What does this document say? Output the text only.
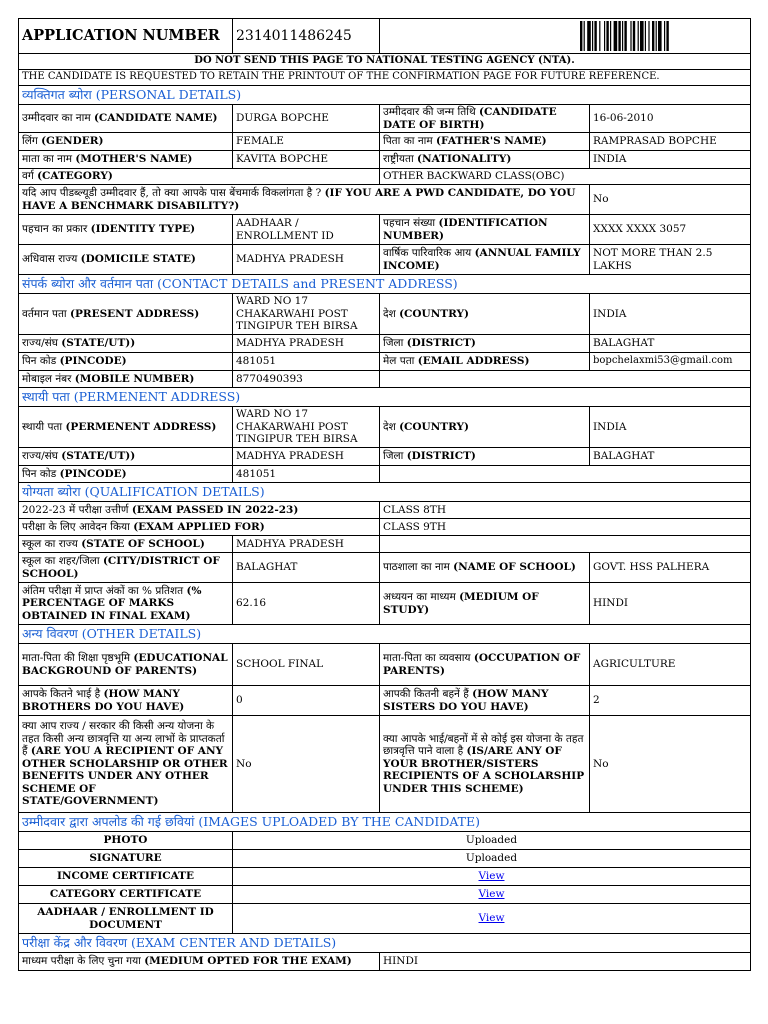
APPLICATION NUMBER	2314011486245	

DO NOT SEND THIS PAGE TO NATIONAL TESTING AGENCY (NTA).			
THE CANDIDATE IS REQUESTED TO RETAIN THE PRINTOUT OF THE CONFIRMATION PAGE FOR FUTURE REFERENCE.			
व्यक्तिगत ब्योरा (PERSONAL DETAILS)			
उम्मीदवार का नाम (CANDIDATE NAME)	DURGA BOPCHE	उम्मीदवार की जन्म तिथि (CANDIDATE DATE OF BIRTH)	16-06-2010
लिंग (GENDER)	FEMALE	पिता का नाम (FATHER'S NAME)	RAMPRASAD BOPCHE
माता का नाम (MOTHER'S NAME)	KAVITA BOPCHE	राष्ट्रीयता (NATIONALITY)	INDIA
वर्ग (CATEGORY)		OTHER BACKWARD CLASS(OBC)	
यदि आप पीडब्ल्यूडी उम्मीदवार हैं, तो क्या आपके पास बेंचमार्क विकलांगता है ? (IF YOU ARE A PWD CANDIDATE, DO YOU HAVE A BENCHMARK DISABILITY?)			No
पहचान का प्रकार (IDENTITY TYPE)	AADHAAR / ENROLLMENT ID	पहचान संख्या (IDENTIFICATION NUMBER)	XXXX XXXX 3057
अधिवास राज्य (DOMICILE STATE)	MADHYA PRADESH	वार्षिक पारिवारिक आय (ANNUAL FAMILY INCOME)	NOT MORE THAN 2.5 LAKHS
संपर्क ब्योरा और वर्तमान पता (CONTACT DETAILS and PRESENT ADDRESS)			
वर्तमान पता (PRESENT ADDRESS)	WARD NO 17
CHAKARWAHI POST
TINGIPUR TEH BIRSA	देश (COUNTRY)	INDIA
राज्य/संघ (STATE/UT))	MADHYA PRADESH	जिला (DISTRICT)	BALAGHAT
पिन कोड (PINCODE)	481051	मेल पता (EMAIL ADDRESS)	bopchelaxmi53@gmail.com
मोबाइल नंबर (MOBILE NUMBER)	8770490393		
स्थायी पता (PERMENENT ADDRESS)			
स्थायी पता (PERMENENT ADDRESS)	WARD NO 17
CHAKARWAHI POST
TINGIPUR TEH BIRSA	देश (COUNTRY)	INDIA
राज्य/संघ (STATE/UT))	MADHYA PRADESH	जिला (DISTRICT)	BALAGHAT
पिन कोड (PINCODE)	481051		
योग्यता ब्योरा (QUALIFICATION DETAILS)			
2022-23 में परीक्षा उत्तीर्ण (EXAM PASSED IN 2022-23)		CLASS 8TH	
परीक्षा के लिए आवेदन किया (EXAM APPLIED FOR)		CLASS 9TH	
स्कूल का राज्य (STATE OF SCHOOL)	MADHYA PRADESH		
स्कूल का शहर/जिला (CITY/DISTRICT OF SCHOOL)	BALAGHAT	पाठशाला का नाम (NAME OF SCHOOL)	GOVT. HSS PALHERA
अंतिम परीक्षा में प्राप्त अंकों का % प्रतिशत (% PERCENTAGE OF MARKS OBTAINED IN FINAL EXAM)	62.16	अध्ययन का माध्यम (MEDIUM OF STUDY)	HINDI
अन्य विवरण (OTHER DETAILS)			
माता-पिता की शिक्षा पृष्ठभूमि (EDUCATIONAL BACKGROUND OF PARENTS)	SCHOOL FINAL	माता-पिता का व्यवसाय (OCCUPATION OF PARENTS)	AGRICULTURE
आपके कितने भाई है (HOW MANY BROTHERS DO YOU HAVE)	0	आपकी कितनी बहनें हैं (HOW MANY SISTERS DO YOU HAVE)	2
क्या आप राज्य / सरकार की किसी अन्य योजना के तहत किसी अन्य छात्रवृत्ति या अन्य लाभों के प्राप्तकर्ता हैं (ARE YOU A RECIPIENT OF ANY OTHER SCHOLARSHIP OR OTHER BENEFITS UNDER ANY OTHER SCHEME OF STATE/GOVERNMENT)	No	क्या आपके भाई/बहनों में से कोई इस योजना के तहत छात्रवृत्ति पाने वाला है (IS/ARE ANY OF YOUR BROTHER/SISTERS RECIPIENTS OF A SCHOLARSHIP UNDER THIS SCHEME)	No
उम्मीदवार द्वारा अपलोड की गई छवियां (IMAGES UPLOADED BY THE CANDIDATE)			
PHOTO	Uploaded		
SIGNATURE	Uploaded		
INCOME CERTIFICATE	View		
CATEGORY CERTIFICATE	View		
AADHAAR / ENROLLMENT ID DOCUMENT	View		
परीक्षा केंद्र और विवरण (EXAM CENTER AND DETAILS)			
माध्यम परीक्षा के लिए चुना गया (MEDIUM OPTED FOR THE EXAM)		HINDI	
